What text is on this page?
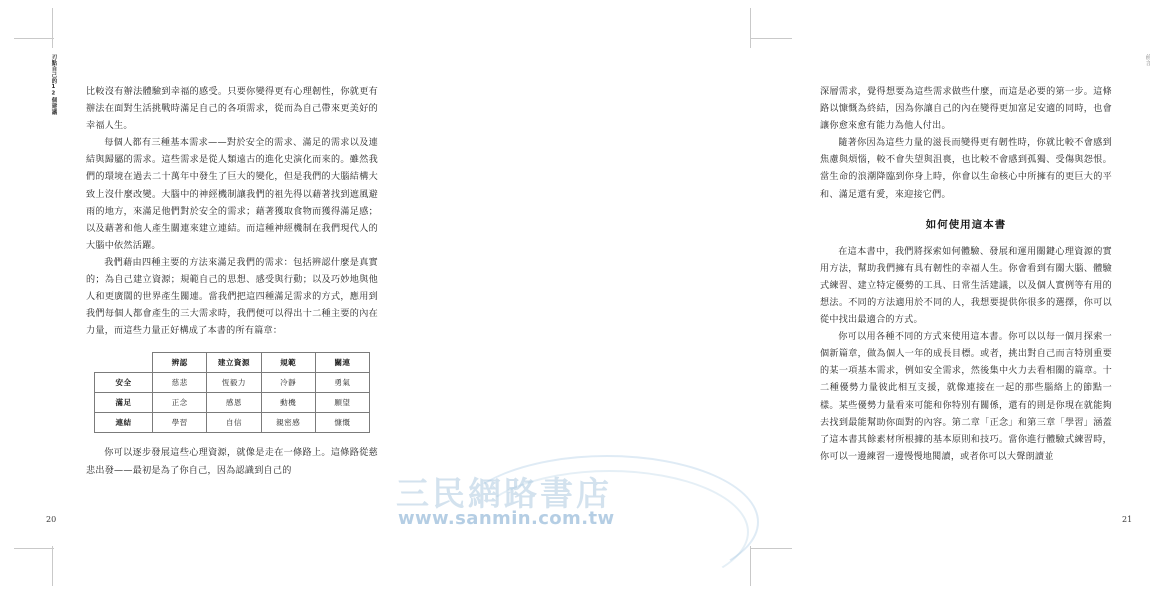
刃點自己的12個建議	比較沒有辦法體驗到幸福的感受。只要你變得更有心理韌性，你就更有辦法在面對生活挑戰時滿足自己的各項需求，從而為自己帶來更美好的幸福人生。

每個人都有三種基本需求——對於安全的需求、滿足的需求以及連結與歸屬的需求。這些需求是從人類遠古的進化史演化而來的。雖然我們的環境在過去二十萬年中發生了巨大的變化，但是我們的大腦結構大致上沒什麼改變。大腦中的神經機制讓我們的祖先得以藉著找到遮風避雨的地方，來滿足他們對於安全的需求；藉著獲取食物而獲得滿足感；以及藉著和他人產生關連來建立連結。而這種神經機制在我們現代人的大腦中依然活躍。

我們藉由四種主要的方法來滿足我們的需求：包括辨認什麼是真實的；為自己建立資源；規範自己的思想、感受與行動；以及巧妙地與他人和更廣闊的世界產生關連。當我們把這四種滿足需求的方式，應用到我們每個人都會產生的三大需求時，我們便可以得出十二種主要的內在力量，而這些力量正好構成了本書的所有篇章：

	辨認	建立資源	規範	關連
安全	慈悲	恆毅力	冷靜	勇氣
滿足	正念	感恩	動機	願望
連結	學習	自信	親密感	慷慨

你可以逐步發展這些心理資源，就像是走在一條路上。這條路從慈悲出發——最初是為了你自己，因為認識到自己的

20
前言

深層需求，覺得想要為這些需求做些什麼，而這是必要的第一步。這條路以慷慨為終結，因為你讓自己的內在變得更加富足安適的同時，也會讓你愈來愈有能力為他人付出。

隨著你因為這些力量的滋長而變得更有韌性時，你就比較不會感到焦慮與煩惱，較不會失望與沮喪，也比較不會感到孤獨、受傷與怨恨。當生命的浪潮降臨到你身上時，你會以生命核心中所擁有的更巨大的平和、滿足還有愛，來迎接它們。

如何使用這本書

在這本書中，我們將探索如何體驗、發展和運用關鍵心理資源的實用方法，幫助我們擁有具有韌性的幸福人生。你會看到有關大腦、體驗式練習、建立特定優勢的工具、日常生活建議，以及個人實例等有用的想法。不同的方法適用於不同的人，我想要提供你很多的選擇，你可以從中找出最適合的方式。

你可以用各種不同的方式來使用這本書。你可以以每一個月探索一個新篇章，做為個人一年的成長目標。或者，挑出對自己而言特別重要的某一項基本需求，例如安全需求，然後集中火力去看相關的篇章。十二種優勢力量彼此相互支援，就像連接在一起的那些腦絡上的節點一樣。某些優勢力量看來可能和你特別有關係，還有的則是你現在就能夠去找到最能幫助你面對的內容。第二章「正念」和第三章「學習」涵蓋了這本書其餘素材所根據的基本原則和技巧。當你進行體驗式練習時，你可以一邊練習一邊慢慢地閱讀，或者你可以大聲朗讀並

21
三民網路書店
www.sanmin.com.tw
